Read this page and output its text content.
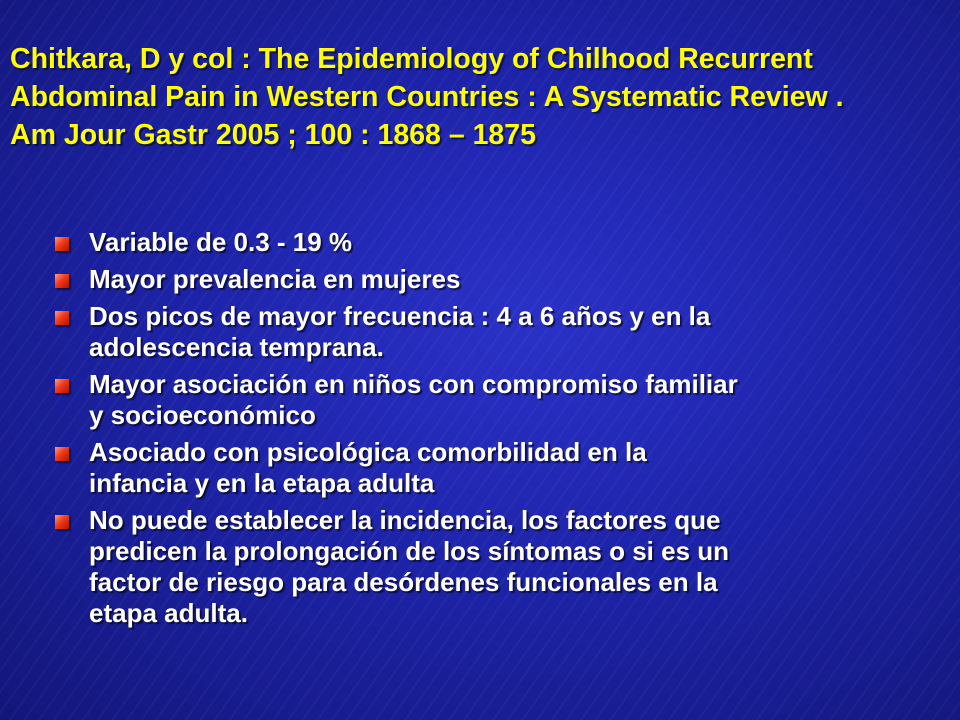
Chitkara, D y col : The Epidemiology of Chilhood Recurrent
Abdominal Pain in Western Countries : A Systematic Review .
Am Jour Gastr 2005 ; 100 : 1868 – 1875
Variable de 0.3 - 19 %
Mayor prevalencia en mujeres
Dos picos de mayor frecuencia : 4 a 6 años y en la
adolescencia temprana.
Mayor asociación en niños con compromiso familiar
y socioeconómico
Asociado con psicológica comorbilidad en la
infancia y en la etapa adulta
No puede establecer la incidencia, los factores que
predicen la prolongación de los síntomas o si es un
factor de riesgo para desórdenes funcionales en la
etapa adulta.
